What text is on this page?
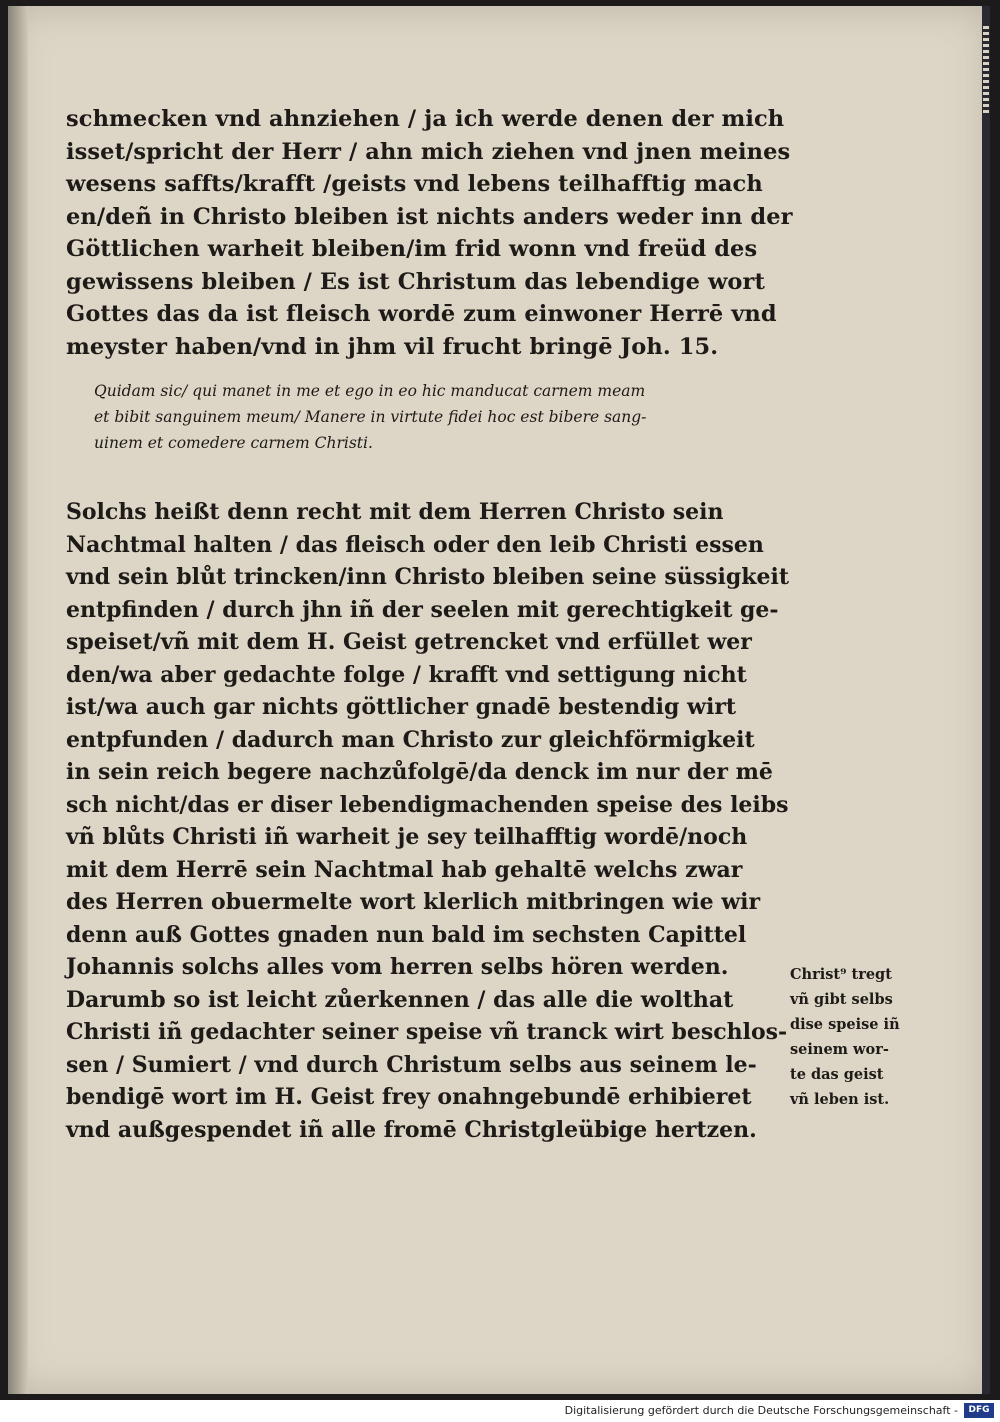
schmecken vnd ahnziehen / ja ich werde denen der mich
isset/spricht der Herr / ahn mich ziehen vnd jnen meines
wesens saffts/krafft /geists vnd lebens teilhafftig mach
en/deñ in Christo bleiben ist nichts anders weder inn der
Göttlichen warheit bleiben/im frid wonn vnd freüd des
gewissens bleiben / Es ist Christum das lebendige wort
Gottes das da ist fleisch wordē zum einwoner Herrē vnd
meyster haben/vnd in jhm vil frucht bringē Joh. 15.
Quidam sic/ qui manet in me et ego in eo hic manducat carnem meam
et bibit sanguinem meum/ Manere in virtute fidei hoc est bibere sang-
uinem et comedere carnem Christi.
Solchs heißt denn recht mit dem Herren Christo sein
Nachtmal halten / das fleisch oder den leib Christi essen
vnd sein blůt trincken/inn Christo bleiben seine süssigkeit
entpfinden / durch jhn iñ der seelen mit gerechtigkeit ge-
speiset/vñ mit dem H. Geist getrencket vnd erfüllet wer
den/wa aber gedachte folge / krafft vnd settigung nicht
ist/wa auch gar nichts göttlicher gnadē bestendig wirt
entpfunden / dadurch man Christo zur gleichförmigkeit
in sein reich begere nachzůfolgē/da denck im nur der mē
sch nicht/das er diser lebendigmachenden speise des leibs
vñ blůts Christi iñ warheit je sey teilhafftig wordē/noch
mit dem Herrē sein Nachtmal hab gehaltē welchs zwar
des Herren obuermelte wort klerlich mitbringen wie wir
denn auß Gottes gnaden nun bald im sechsten Capittel
Johannis solchs alles vom herren selbs hören werden.
Darumb so ist leicht zůerkennen / das alle die wolthat
Christi iñ gedachter seiner speise vñ tranck wirt beschlos-
sen / Sumiert / vnd durch Christum selbs aus seinem le-
bendigē wort im H. Geist frey onahngebundē erhibieret
vnd außgespendet iñ alle fromē Christgleübige hertzen.
Christ⁹ tregt
vñ gibt selbs
dise speise iñ
seinem wor-
te das geist
vñ leben ist.
Digitalisierung gefördert durch die Deutsche Forschungsgemeinschaft -	DFG
